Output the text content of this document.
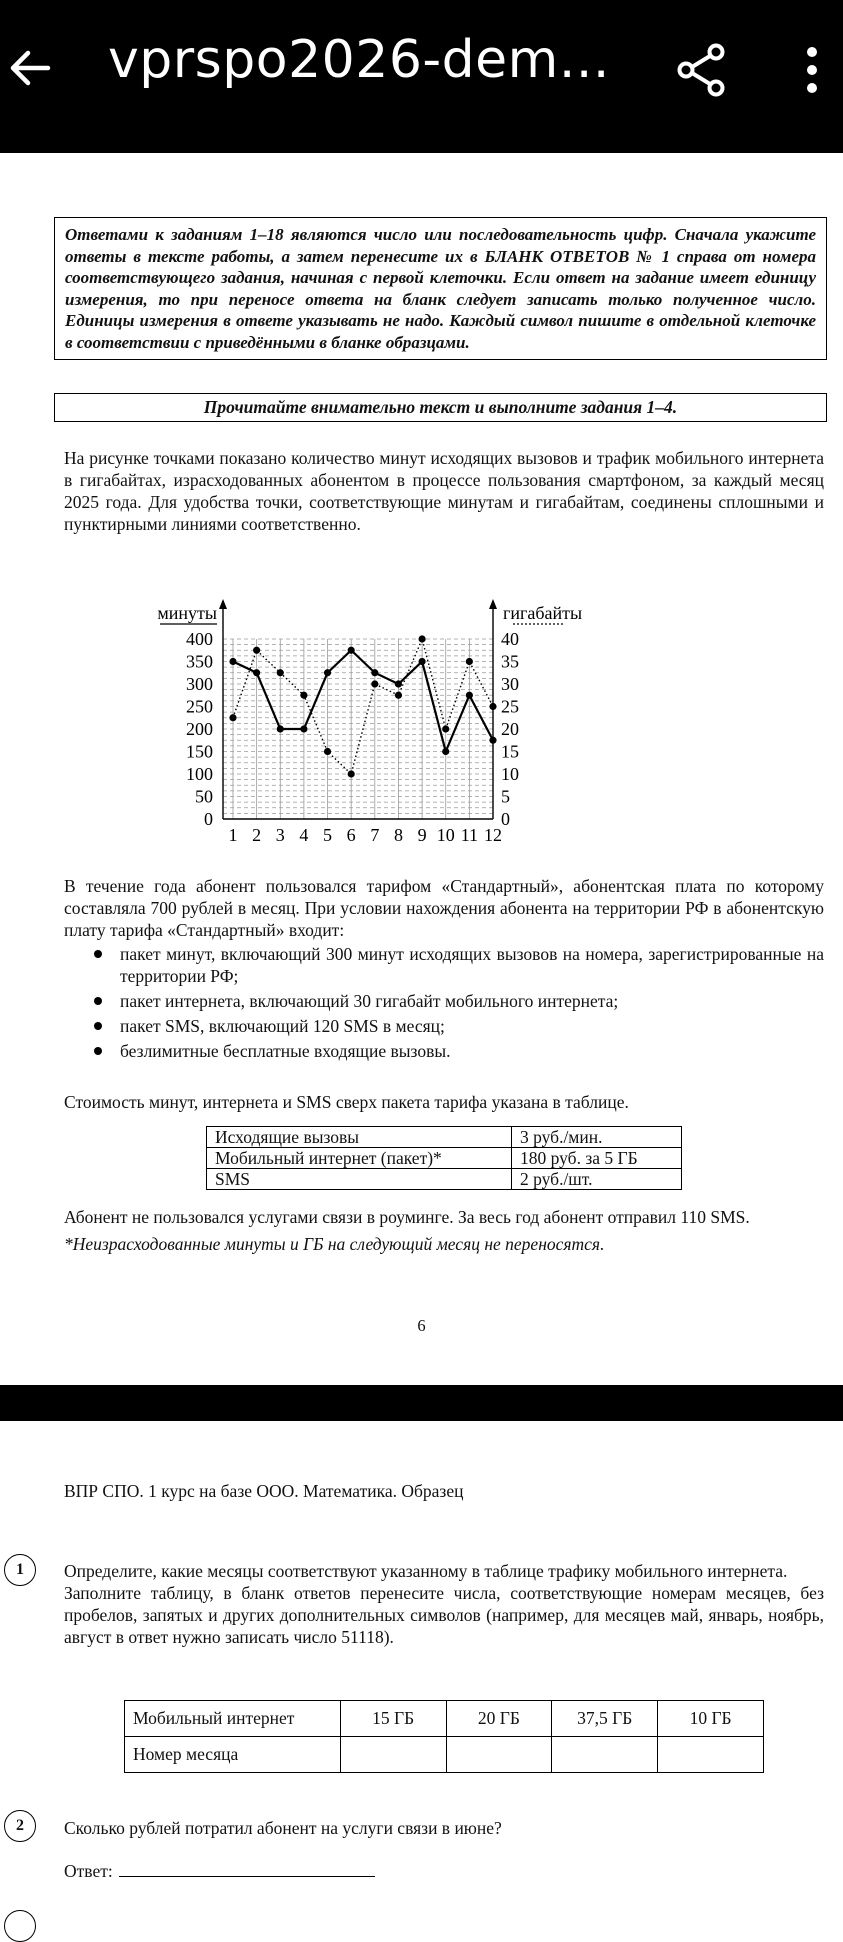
vprspo2026-dem...
Ответами к заданиям 1–18 являются число или последовательность цифр. Сначала укажите ответы в тексте работы, а затем перенесите их в БЛАНК ОТВЕТОВ № 1 справа от номера соответствующего задания, начиная с первой клеточки. Если ответ на задание имеет единицу измерения, то при переносе ответа на бланк следует записать только полученное число. Единицы измерения в ответе указывать не надо. Каждый символ пишите в отдельной клеточке в соответствии с приведёнными в бланке образцами.
Прочитайте внимательно текст и выполните задания 1–4.
На рисунке точками показано количество минут исходящих вызовов и трафик мобильного интернета в гигабайтах, израсходованных абонентом в процессе пользования смартфоном, за каждый месяц 2025 года. Для удобства точки, соответствующие минутам и гигабайтам, соединены сплошными и пунктирными линиями соответственно.
минуты	гигабайты
0
50
100
150
200
250
300
350
400
0
5
10
15
20
25
30
35
40
1 2 3 4 5 6 7 8 9 10 11 12
В течение года абонент пользовался тарифом «Стандартный», абонентская плата по которому составляла 700 рублей в месяц. При условии нахождения абонента на территории РФ в абонентскую плату тарифа «Стандартный» входит:
пакет минут, включающий 300 минут исходящих вызовов на номера, зарегистрированные на территории РФ;
пакет интернета, включающий 30 гигабайт мобильного интернета;
пакет SMS, включающий 120 SMS в месяц;
безлимитные бесплатные входящие вызовы.
Стоимость минут, интернета и SMS сверх пакета тарифа указана в таблице.
Исходящие вызовы	3 руб./мин.
Мобильный интернет (пакет)*	180 руб. за 5 ГБ
SMS	2 руб./шт.
Абонент не пользовался услугами связи в роуминге. За весь год абонент отправил 110 SMS.
*Неизрасходованные минуты и ГБ на следующий месяц не переносятся.
6
ВПР СПО. 1 курс на базе ООО. Математика. Образец
1	Определите, какие месяцы соответствуют указанному в таблице трафику мобильного интернета.
Заполните таблицу, в бланк ответов перенесите числа, соответствующие номерам месяцев, без пробелов, запятых и других дополнительных символов (например, для месяцев май, январь, ноябрь, август в ответ нужно записать число 51118).
Мобильный интернет	15 ГБ	20 ГБ	37,5 ГБ	10 ГБ
Номер месяца				
2	Сколько рублей потратил абонент на услуги связи в июне?
Ответ:
